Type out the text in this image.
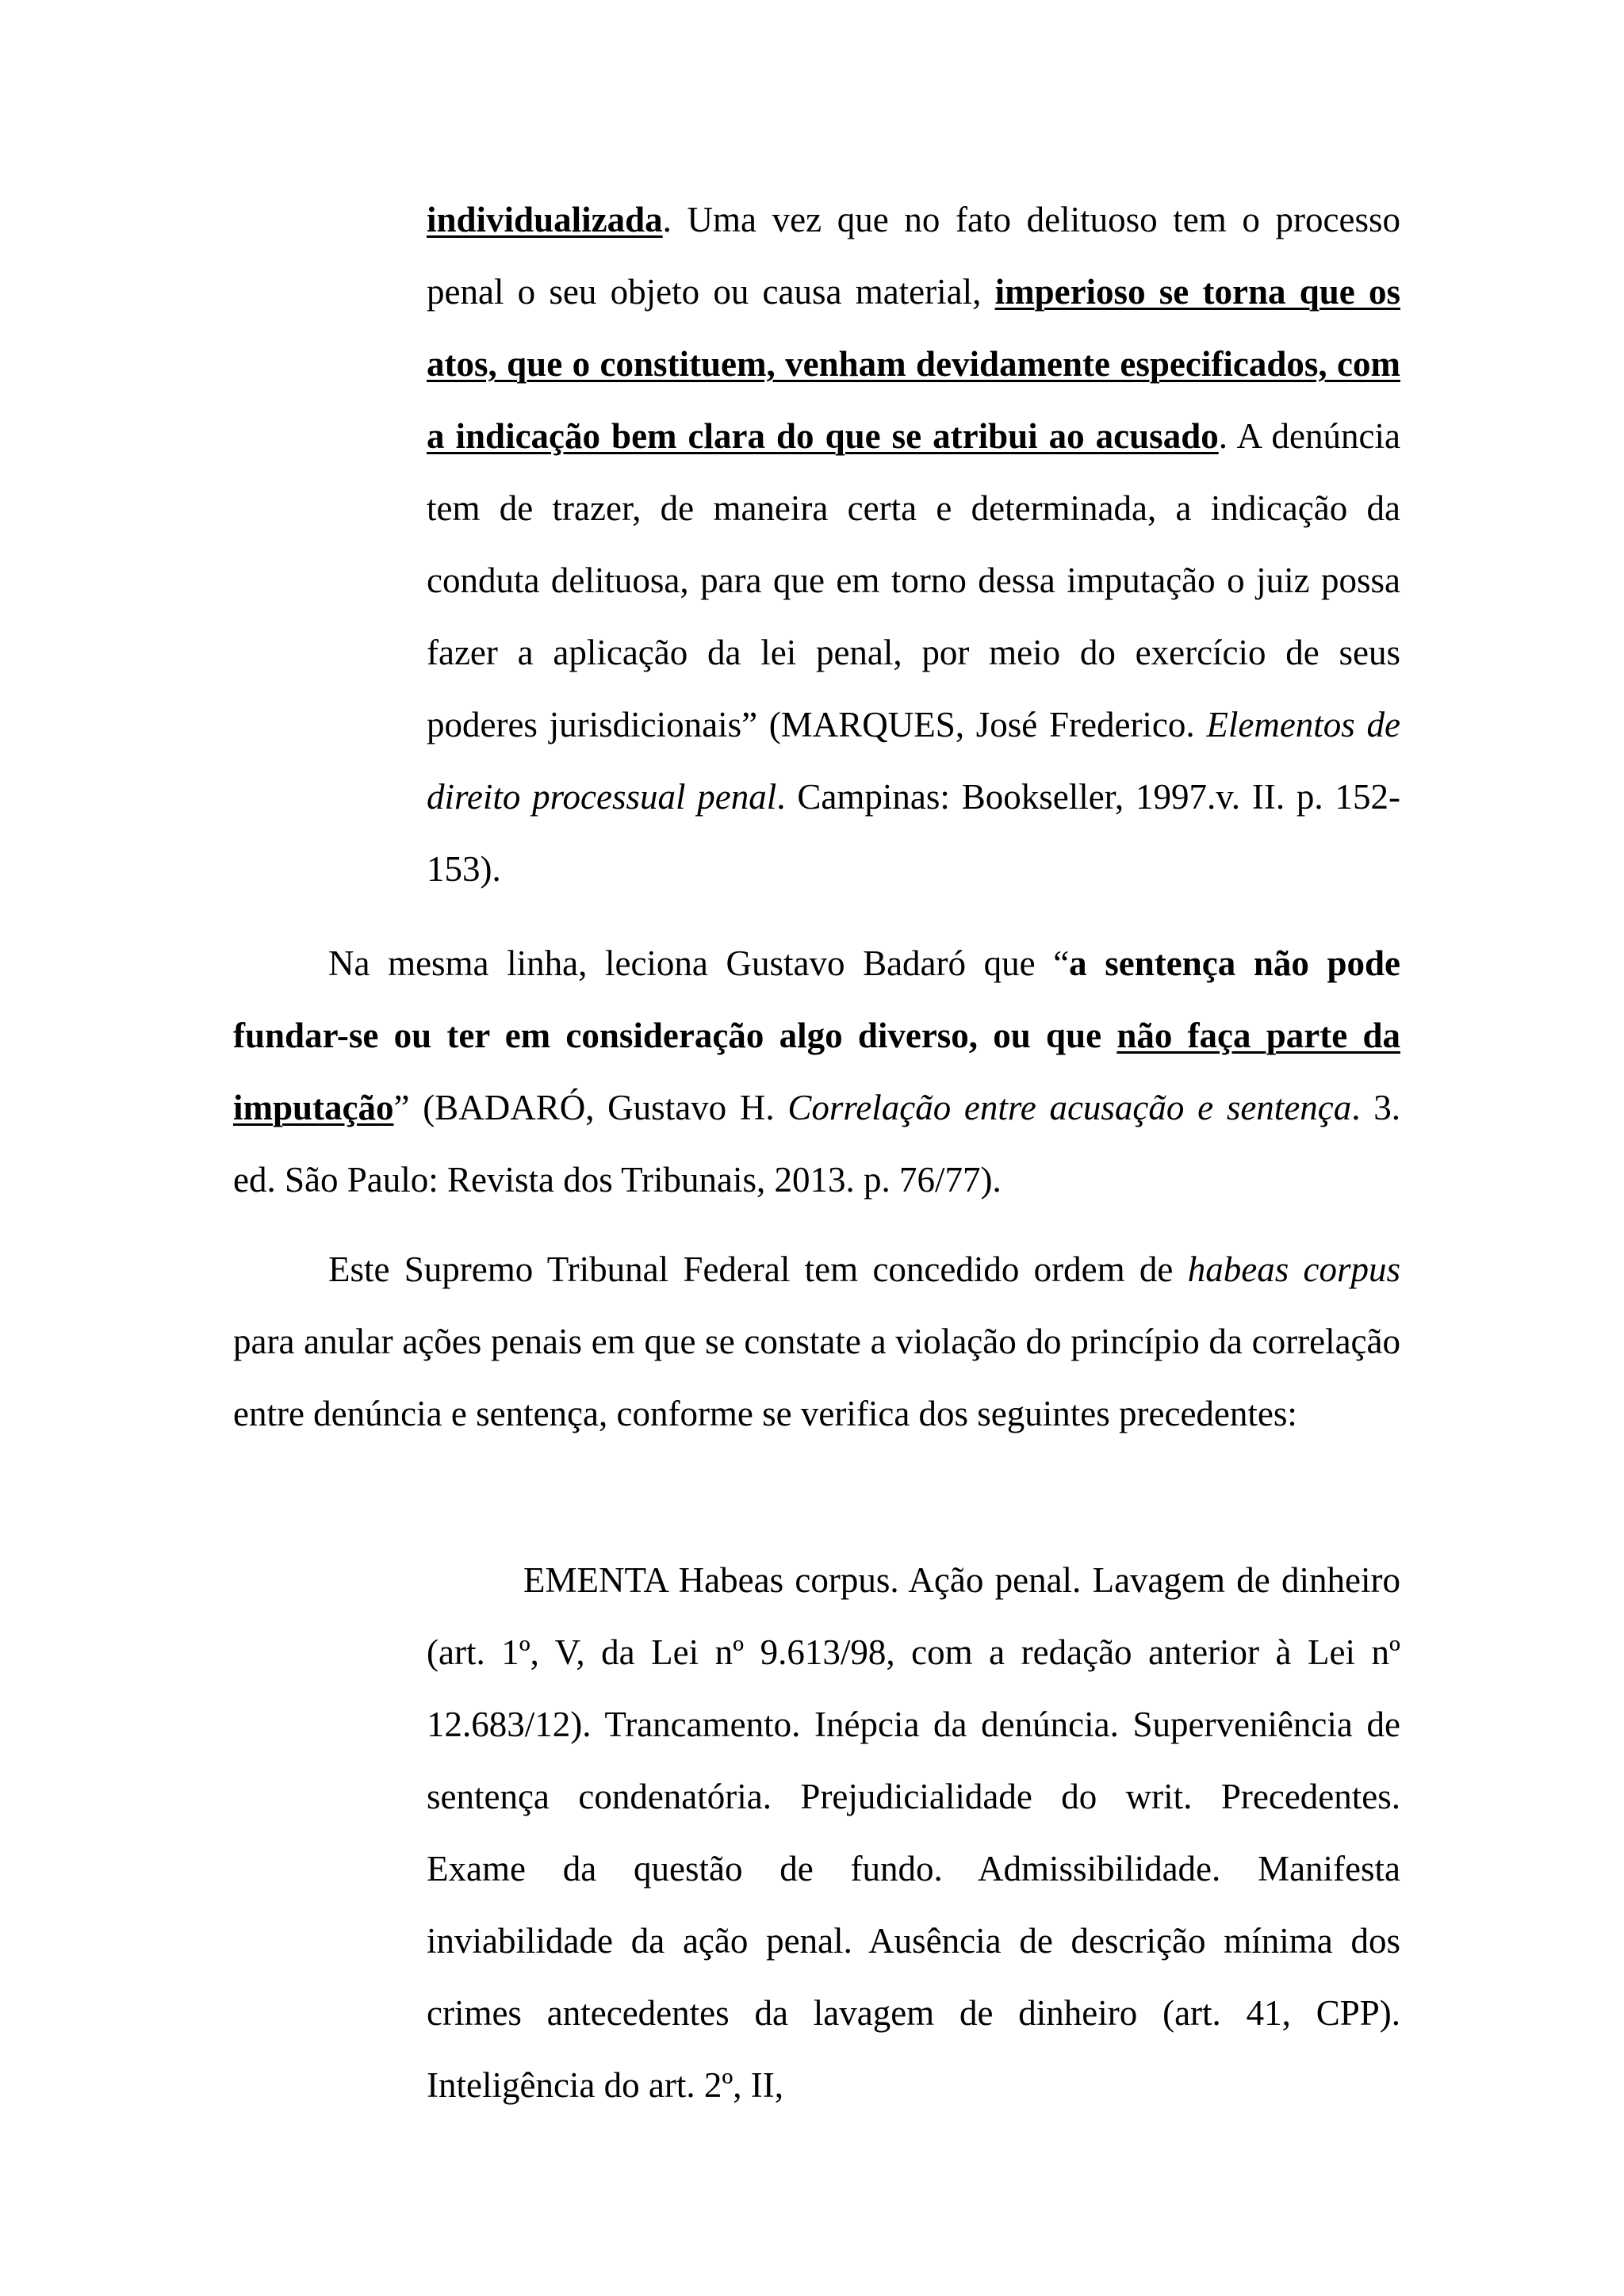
individualizada. Uma vez que no fato delituoso tem o processo penal o seu objeto ou causa material, imperioso se torna que os atos, que o constituem, venham devidamente especificados, com a indicação bem clara do que se atribui ao acusado. A denúncia tem de trazer, de maneira certa e determinada, a indicação da conduta delituosa, para que em torno dessa imputação o juiz possa fazer a aplicação da lei penal, por meio do exercício de seus poderes jurisdicionais” (MARQUES, José Frederico. Elementos de direito processual penal. Campinas: Bookseller, 1997.v. II. p. 152-153).

Na mesma linha, leciona Gustavo Badaró que “a sentença não pode fundar-se ou ter em consideração algo diverso, ou que não faça parte da imputação” (BADARÓ, Gustavo H. Correlação entre acusação e sentença. 3. ed. São Paulo: Revista dos Tribunais, 2013. p. 76/77).

Este Supremo Tribunal Federal tem concedido ordem de habeas corpus para anular ações penais em que se constate a violação do princípio da correlação entre denúncia e sentença, conforme se verifica dos seguintes precedentes:

EMENTA Habeas corpus. Ação penal. Lavagem de dinheiro (art. 1º, V, da Lei nº 9.613/98, com a redação anterior à Lei nº 12.683/12). Trancamento. Inépcia da denúncia. Superveniência de sentença condenatória. Prejudicialidade do writ. Precedentes. Exame da questão de fundo. Admissibilidade. Manifesta inviabilidade da ação penal. Ausência de descrição mínima dos crimes antecedentes da lavagem de dinheiro (art. 41, CPP). Inteligência do art. 2º, II,
